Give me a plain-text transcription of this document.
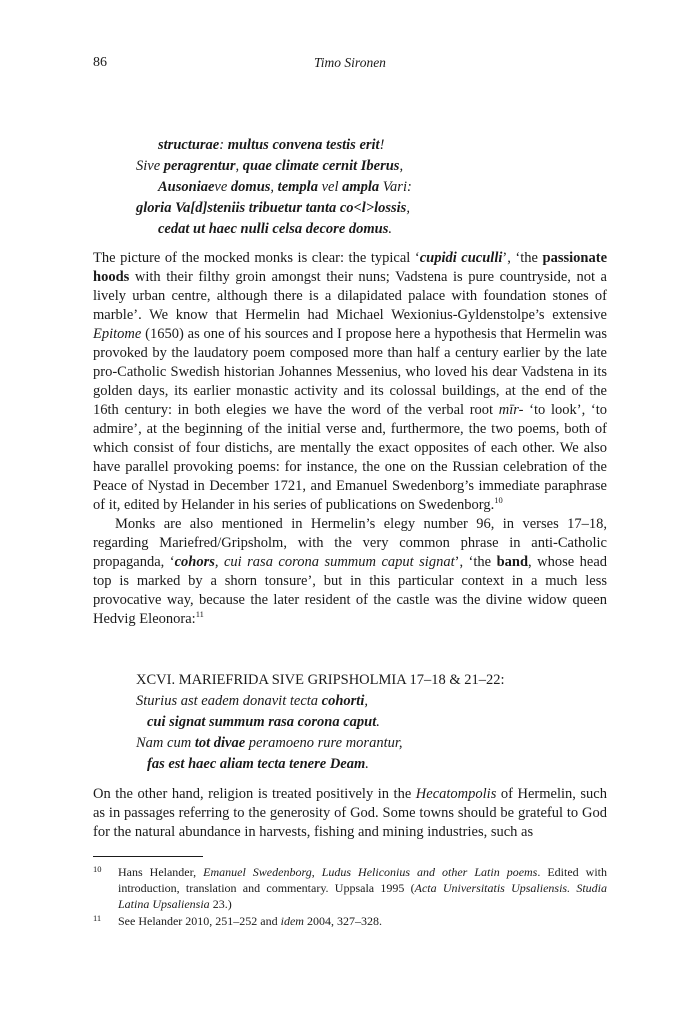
86	Timo Sironen
structurae: multus convena testis erit!
Sive peragrentur, quae climate cernit Iberus,
Ausoniaeve domus, templa vel ampla Vari:
gloria Va[d]steniis tribuetur tanta co<l>lossis,
cedat ut haec nulli celsa decore domus.

The picture of the mocked monks is clear: the typical ‘cupidi cuculli’, ‘the passionate hoods with their filthy groin amongst their nuns; Vadstena is pure countryside, not a lively urban centre, although there is a dilapidated palace with foundation stones of marble’. We know that Hermelin had Michael Wexionius-Gyldenstolpe’s extensive Epitome (1650) as one of his sources and I propose here a hypothesis that Hermelin was provoked by the laudatory poem composed more than half a century earlier by the late pro-Catholic Swedish historian Johannes Messenius, who loved his dear Vadstena in its golden days, its earlier monastic activity and its colossal buildings, at the end of the 16th century: in both elegies we have the word of the verbal root mīr- ‘to look’, ‘to admire’, at the beginning of the initial verse and, furthermore, the two poems, both of which consist of four distichs, are mentally the exact opposites of each other. We also have parallel provoking poems: for instance, the one on the Russian celebration of the Peace of Nystad in December 1721, and Emanuel Swedenborg’s immediate paraphrase of it, edited by Helander in his series of publications on Swedenborg.$^{10}$

Monks are also mentioned in Hermelin’s elegy number 96, in verses 17–18, regarding Mariefred/Gripsholm, with the very common phrase in anti-Catholic propaganda, ‘cohors, cui rasa corona summum caput signat’, ‘the band, whose head top is marked by a shorn tonsure’, but in this particular context in a much less provocative way, because the later resident of the castle was the divine widow queen Hedvig Eleonora:$^{11}$

XCVI. MARIEFRIDA SIVE GRIPSHOLMIA 17–18 & 21–22:
Sturius ast eadem donavit tecta cohorti,
cui signat summum rasa corona caput.
Nam cum tot divae peramoeno rure morantur,
fas est haec aliam tecta tenere Deam.

On the other hand, religion is treated positively in the Hecatompolis of Hermelin, such as in passages referring to the generosity of God. Some towns should be grateful to God for the natural abundance in harvests, fishing and mining industries, such as

10 Hans Helander, Emanuel Swedenborg, Ludus Heliconius and other Latin poems. Edited with introduction, translation and commentary. Uppsala 1995 (Acta Universitatis Upsaliensis. Studia Latina Upsaliensia 23.)
11 See Helander 2010, 251–252 and idem 2004, 327–328.
